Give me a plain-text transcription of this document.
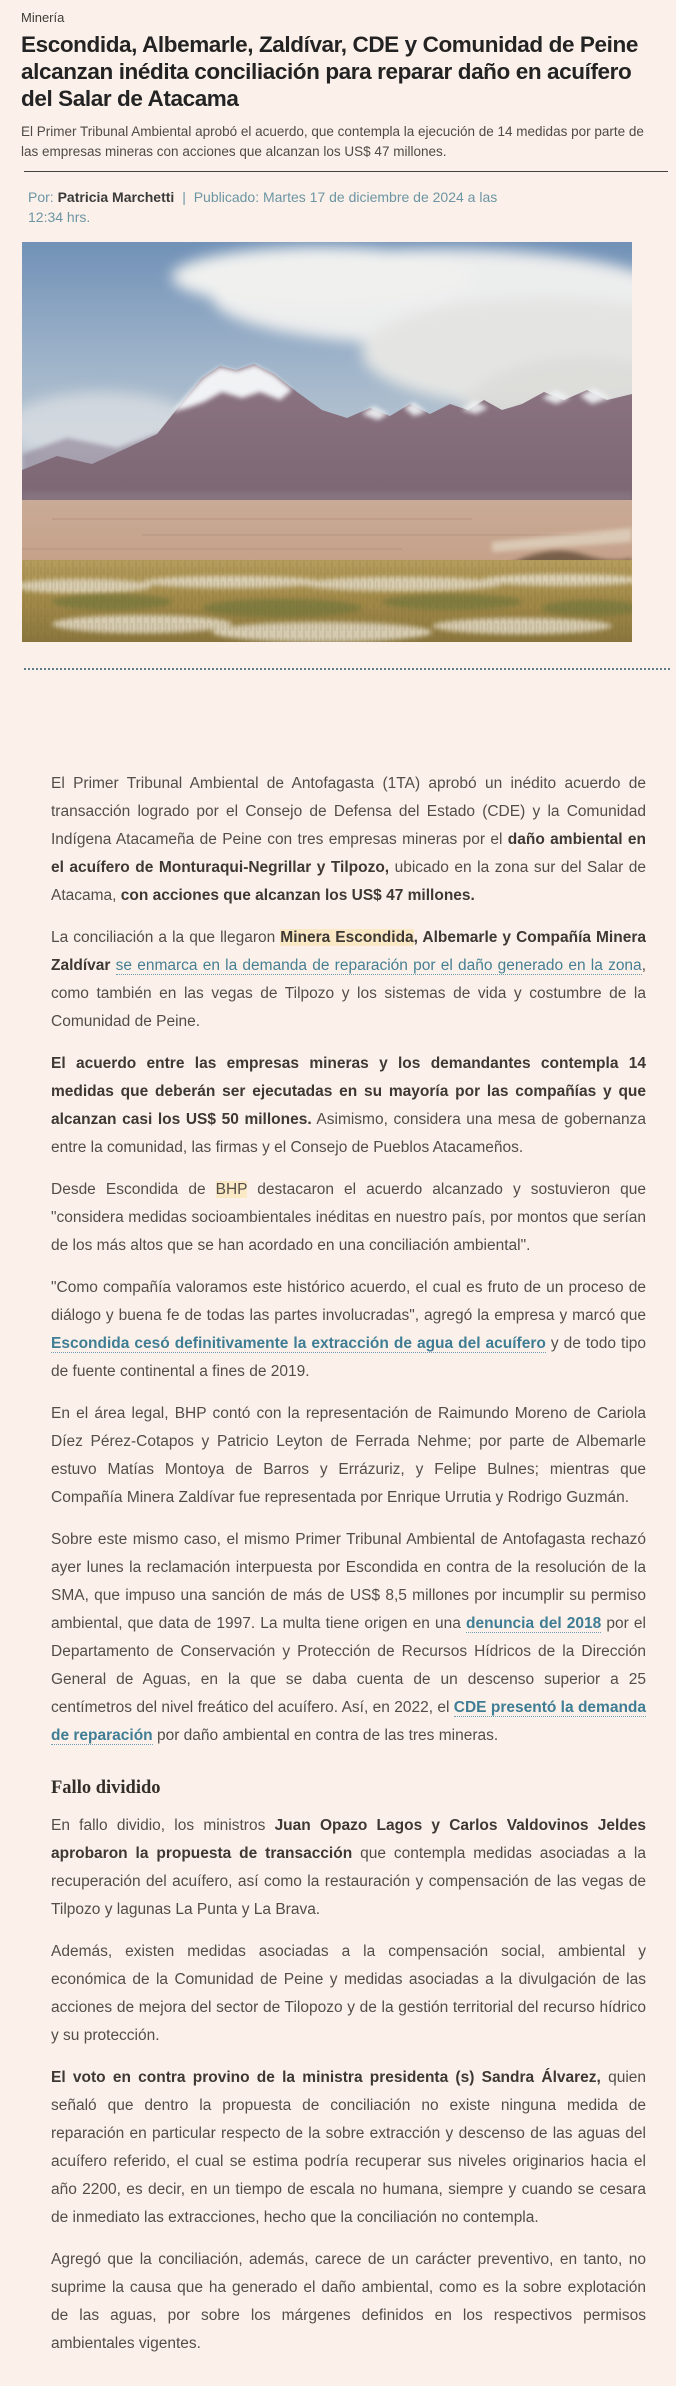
Minería
Escondida, Albemarle, Zaldívar, CDE y Comunidad de Peine alcanzan inédita conciliación para reparar daño en acuífero del Salar de Atacama

El Primer Tribunal Ambiental aprobó el acuerdo, que contempla la ejecución de 14 medidas por parte de las empresas mineras con acciones que alcanzan los US$ 47 millones.

Por: Patricia Marchetti | Publicado: Martes 17 de diciembre de 2024 a las 12:34 hrs.

El Primer Tribunal Ambiental de Antofagasta (1TA) aprobó un inédito acuerdo de transacción logrado por el Consejo de Defensa del Estado (CDE) y la Comunidad Indígena Atacameña de Peine con tres empresas mineras por el daño ambiental en el acuífero de Monturaqui-Negrillar y Tilpozo, ubicado en la zona sur del Salar de Atacama, con acciones que alcanzan los US$ 47 millones.

La conciliación a la que llegaron Minera Escondida, Albemarle y Compañía Minera Zaldívar se enmarca en la demanda de reparación por el daño generado en la zona, como también en las vegas de Tilpozo y los sistemas de vida y costumbre de la Comunidad de Peine.

El acuerdo entre las empresas mineras y los demandantes contempla 14 medidas que deberán ser ejecutadas en su mayoría por las compañías y que alcanzan casi los US$ 50 millones. Asimismo, considera una mesa de gobernanza entre la comunidad, las firmas y el Consejo de Pueblos Atacameños.

Desde Escondida de BHP destacaron el acuerdo alcanzado y sostuvieron que "considera medidas socioambientales inéditas en nuestro país, por montos que serían de los más altos que se han acordado en una conciliación ambiental".

"Como compañía valoramos este histórico acuerdo, el cual es fruto de un proceso de diálogo y buena fe de todas las partes involucradas", agregó la empresa y marcó que Escondida cesó definitivamente la extracción de agua del acuífero y de todo tipo de fuente continental a fines de 2019.

En el área legal, BHP contó con la representación de Raimundo Moreno de Cariola Díez Pérez-Cotapos y Patricio Leyton de Ferrada Nehme; por parte de Albemarle estuvo Matías Montoya de Barros y Errázuriz, y Felipe Bulnes; mientras que Compañía Minera Zaldívar fue representada por Enrique Urrutia y Rodrigo Guzmán.

Sobre este mismo caso, el mismo Primer Tribunal Ambiental de Antofagasta rechazó ayer lunes la reclamación interpuesta por Escondida en contra de la resolución de la SMA, que impuso una sanción de más de US$ 8,5 millones por incumplir su permiso ambiental, que data de 1997. La multa tiene origen en una denuncia del 2018 por el Departamento de Conservación y Protección de Recursos Hídricos de la Dirección General de Aguas, en la que se daba cuenta de un descenso superior a 25 centímetros del nivel freático del acuífero. Así, en 2022, el CDE presentó la demanda de reparación por daño ambiental en contra de las tres mineras.

Fallo dividido

En fallo dividio, los ministros Juan Opazo Lagos y Carlos Valdovinos Jeldes aprobaron la propuesta de transacción que contempla medidas asociadas a la recuperación del acuífero, así como la restauración y compensación de las vegas de Tilpozo y lagunas La Punta y La Brava.

Además, existen medidas asociadas a la compensación social, ambiental y económica de la Comunidad de Peine y medidas asociadas a la divulgación de las acciones de mejora del sector de Tilopozo y de la gestión territorial del recurso hídrico y su protección.

El voto en contra provino de la ministra presidenta (s) Sandra Álvarez, quien señaló que dentro la propuesta de conciliación no existe ninguna medida de reparación en particular respecto de la sobre extracción y descenso de las aguas del acuífero referido, el cual se estima podría recuperar sus niveles originarios hacia el año 2200, es decir, en un tiempo de escala no humana, siempre y cuando se cesara de inmediato las extracciones, hecho que la conciliación no contempla.

Agregó que la conciliación, además, carece de un carácter preventivo, en tanto, no suprime la causa que ha generado el daño ambiental, como es la sobre explotación de las aguas, por sobre los márgenes definidos en los respectivos permisos ambientales vigentes.
